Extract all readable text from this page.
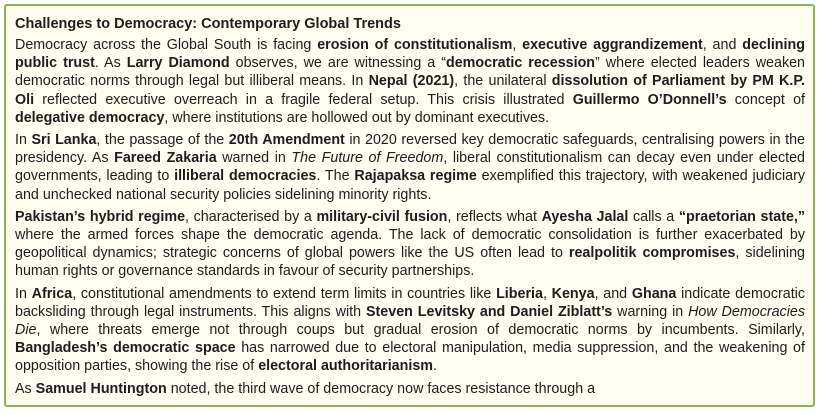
Challenges to Democracy: Contemporary Global Trends
Democracy across the Global South is facing erosion of constitutionalism, executive aggrandizement, and declining public trust. As Larry Diamond observes, we are witnessing a “democratic recession” where elected leaders weaken democratic norms through legal but illiberal means. In Nepal (2021), the unilateral dissolution of Parliament by PM K.P. Oli reflected executive overreach in a fragile federal setup. This crisis illustrated Guillermo O’Donnell’s concept of delegative democracy, where institutions are hollowed out by dominant executives.
In Sri Lanka, the passage of the 20th Amendment in 2020 reversed key democratic safeguards, centralising powers in the presidency. As Fareed Zakaria warned in The Future of Freedom, liberal constitutionalism can decay even under elected governments, leading to illiberal democracies. The Rajapaksa regime exemplified this trajectory, with weakened judiciary and unchecked national security policies sidelining minority rights.
Pakistan’s hybrid regime, characterised by a military-civil fusion, reflects what Ayesha Jalal calls a “praetorian state,” where the armed forces shape the democratic agenda. The lack of democratic consolidation is further exacerbated by geopolitical dynamics; strategic concerns of global powers like the US often lead to realpolitik compromises, sidelining human rights or governance standards in favour of security partnerships.
In Africa, constitutional amendments to extend term limits in countries like Liberia, Kenya, and Ghana indicate democratic backsliding through legal instruments. This aligns with Steven Levitsky and Daniel Ziblatt’s warning in How Democracies Die, where threats emerge not through coups but gradual erosion of democratic norms by incumbents. Similarly, Bangladesh’s democratic space has narrowed due to electoral manipulation, media suppression, and the weakening of opposition parties, showing the rise of electoral authoritarianism.
As Samuel Huntington noted, the third wave of democracy now faces resistance through a
